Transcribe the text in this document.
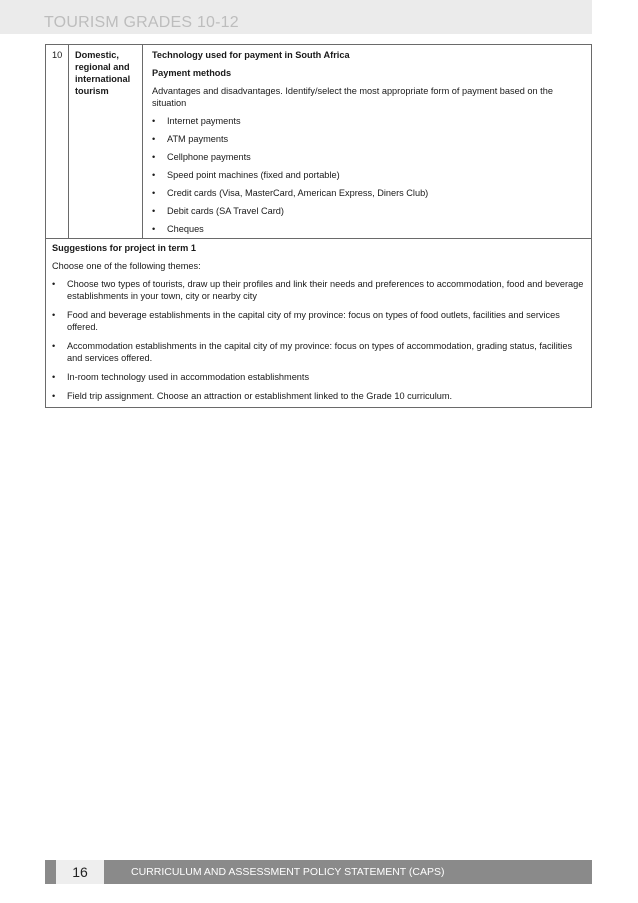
TOURISM GRADES 10-12
10	Domestic, regional and international tourism
Technology used for payment in South Africa
Payment methods
Advantages and disadvantages. Identify/select the most appropriate form of payment based on the situation
•	Internet payments
•	ATM payments
•	Cellphone payments
•	Speed point machines (fixed and portable)
•	Credit cards (Visa, MasterCard, American Express, Diners Club)
•	Debit cards (SA Travel Card)
•	Cheques
Suggestions for project in term 1
Choose one of the following themes:
•	Choose two types of tourists, draw up their profiles and link their needs and preferences to accommodation, food and beverage establishments in your town, city or nearby city
•	Food and beverage establishments in the capital city of my province: focus on types of food outlets, facilities and services offered.
•	Accommodation establishments in the capital city of my province: focus on types of accommodation, grading status, facilities and services offered.
•	In-room technology used in accommodation establishments
•	Field trip assignment. Choose an attraction or establishment linked to the Grade 10 curriculum.
16	CURRICULUM AND ASSESSMENT POLICY STATEMENT (CAPS)
